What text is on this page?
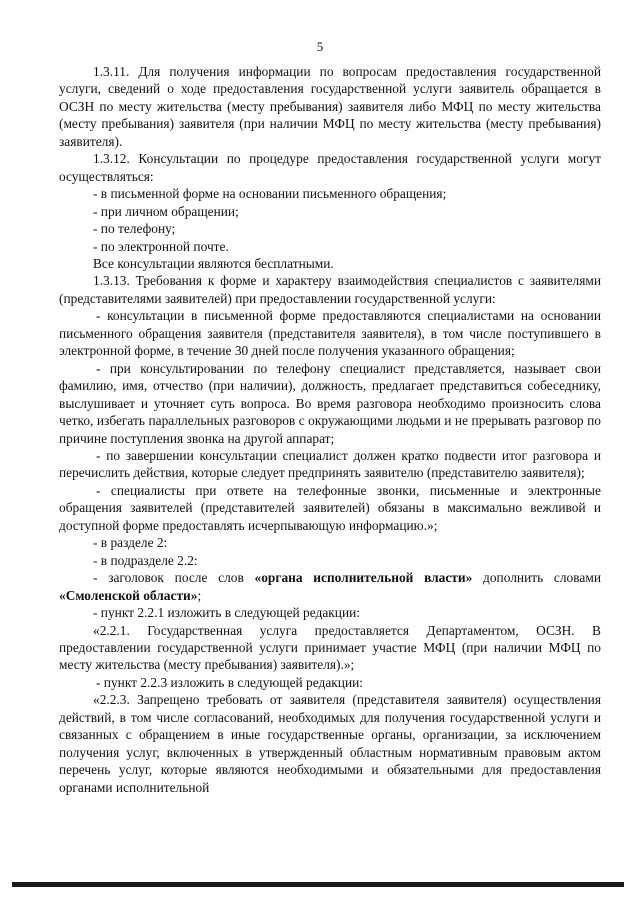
5

1.3.11. Для получения информации по вопросам предоставления государственной услуги, сведений о ходе предоставления государственной услуги заявитель обращается в ОСЗН по месту жительства (месту пребывания) заявителя либо МФЦ по месту жительства (месту пребывания) заявителя (при наличии МФЦ по месту жительства (месту пребывания) заявителя).

1.3.12. Консультации по процедуре предоставления государственной услуги могут осуществляться:

- в письменной форме на основании письменного обращения;

- при личном обращении;

- по телефону;

- по электронной почте.

Все консультации являются бесплатными.

1.3.13. Требования к форме и характеру взаимодействия специалистов с заявителями (представителями заявителей) при предоставлении государственной услуги:

- консультации в письменной форме предоставляются специалистами на основании письменного обращения заявителя (представителя заявителя), в том числе поступившего в электронной форме, в течение 30 дней после получения указанного обращения;

- при консультировании по телефону специалист представляется, называет свои фамилию, имя, отчество (при наличии), должность, предлагает представиться собеседнику, выслушивает и уточняет суть вопроса. Во время разговора необходимо произносить слова четко, избегать параллельных разговоров с окружающими людьми и не прерывать разговор по причине поступления звонка на другой аппарат;

- по завершении консультации специалист должен кратко подвести итог разговора и перечислить действия, которые следует предпринять заявителю (представителю заявителя);

- специалисты при ответе на телефонные звонки, письменные и электронные обращения заявителей (представителей заявителей) обязаны в максимально вежливой и доступной форме предоставлять исчерпывающую информацию.»;

- в разделе 2:

- в подразделе 2.2:

- заголовок после слов «органа исполнительной власти» дополнить словами «Смоленской области»;

- пункт 2.2.1 изложить в следующей редакции:

«2.2.1. Государственная услуга предоставляется Департаментом, ОСЗН. В предоставлении государственной услуги принимает участие МФЦ (при наличии МФЦ по месту жительства (месту пребывания) заявителя).»;

- пункт 2.2.3 изложить в следующей редакции:

«2.2.3. Запрещено требовать от заявителя (представителя заявителя) осуществления действий, в том числе согласований, необходимых для получения государственной услуги и связанных с обращением в иные государственные органы, организации, за исключением получения услуг, включенных в утвержденный областным нормативным правовым актом перечень услуг, которые являются необходимыми и обязательными для предоставления органами исполнительной
